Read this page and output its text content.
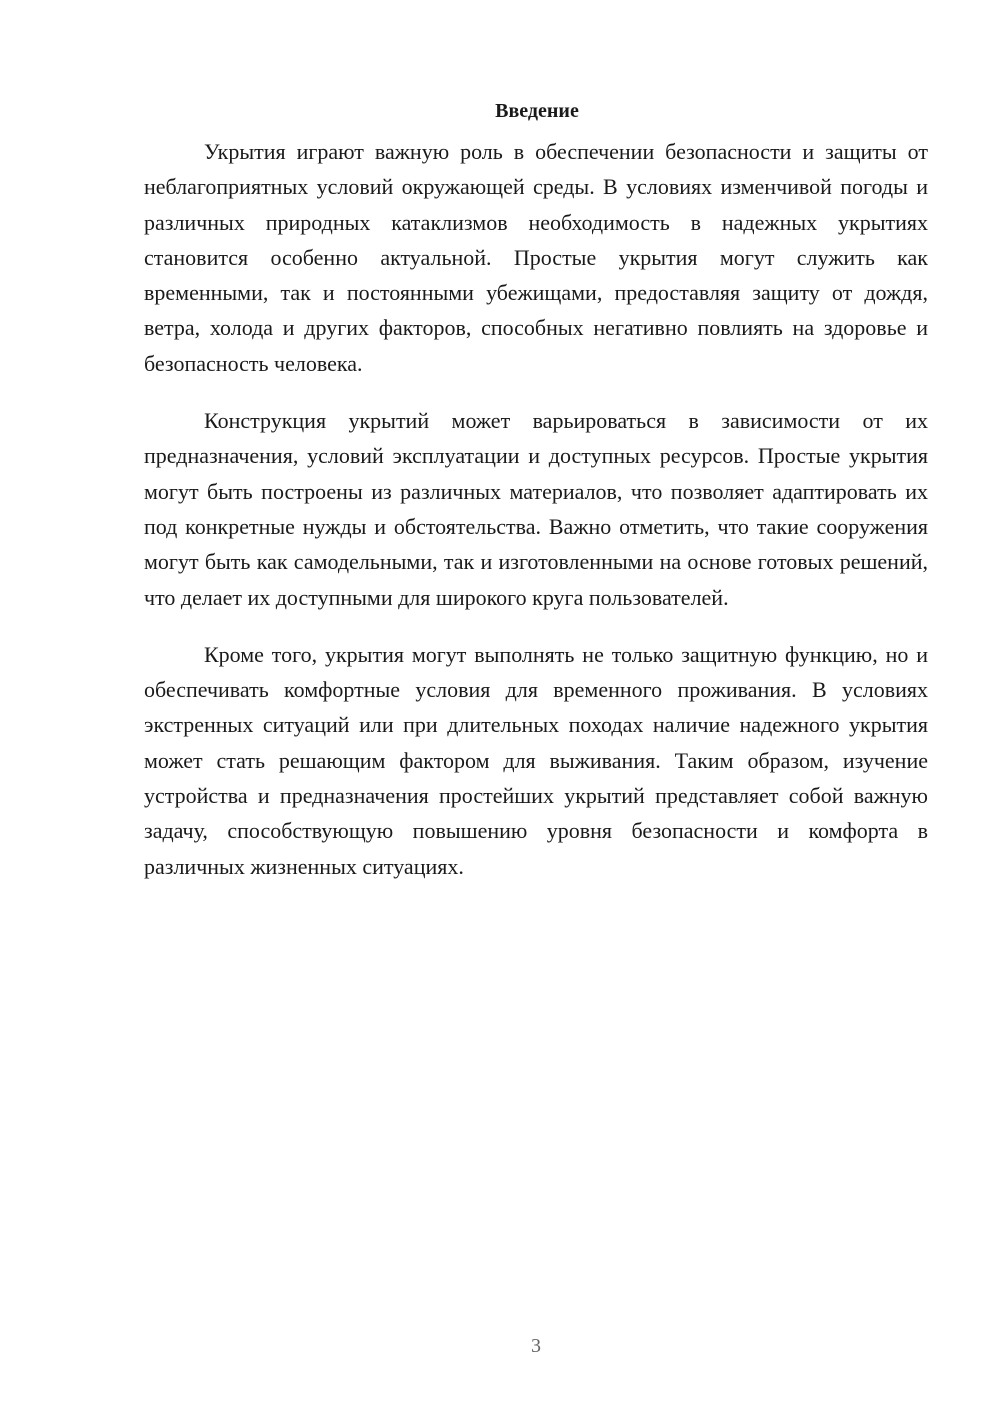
Введение

Укрытия играют важную роль в обеспечении безопасности и защиты от неблагоприятных условий окружающей среды. В условиях изменчивой погоды и различных природных катаклизмов необходимость в надежных укрытиях становится особенно актуальной. Простые укрытия могут служить как временными, так и постоянными убежищами, предоставляя защиту от дождя, ветра, холода и других факторов, способных негативно повлиять на здоровье и безопасность человека.

Конструкция укрытий может варьироваться в зависимости от их предназначения, условий эксплуатации и доступных ресурсов. Простые укрытия могут быть построены из различных материалов, что позволяет адаптировать их под конкретные нужды и обстоятельства. Важно отметить, что такие сооружения могут быть как самодельными, так и изготовленными на основе готовых решений, что делает их доступными для широкого круга пользователей.

Кроме того, укрытия могут выполнять не только защитную функцию, но и обеспечивать комфортные условия для временного проживания. В условиях экстренных ситуаций или при длительных походах наличие надежного укрытия может стать решающим фактором для выживания. Таким образом, изучение устройства и предназначения простейших укрытий представляет собой важную задачу, способствующую повышению уровня безопасности и комфорта в различных жизненных ситуациях.

3
